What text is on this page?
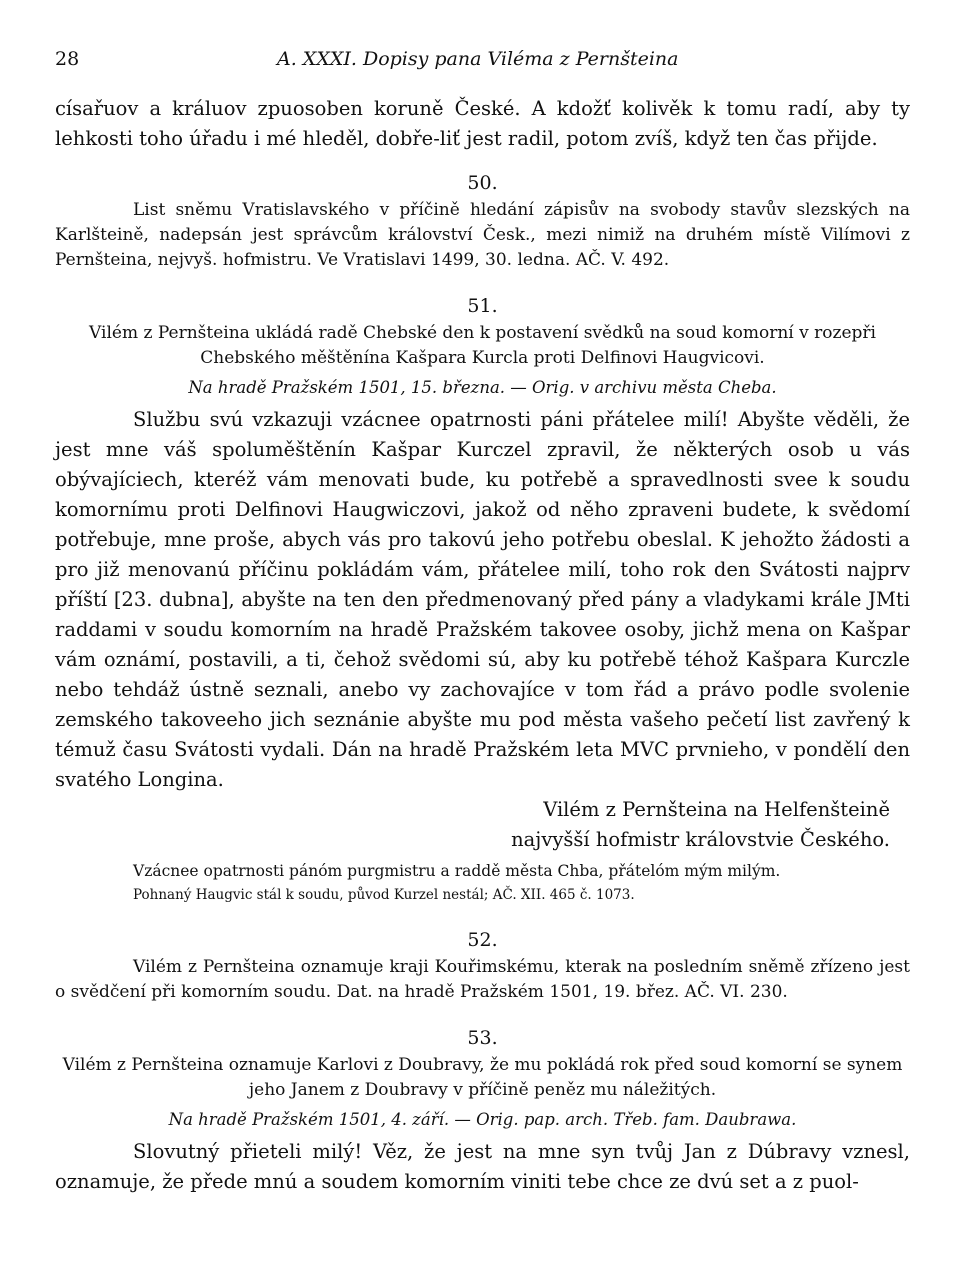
28	A. XXXI. Dopisy pana Viléma z Pernšteina

císařuov a králuov zpuosoben koruně České. A kdožť kolivěk k tomu radí, aby ty lehkosti toho úřadu i mé hleděl, dobře-liť jest radil, potom zvíš, když ten čas přijde.

50.

List sněmu Vratislavského v příčině hledání zápisův na svobody stavův slezských na Karlšteině, nadepsán jest správcům království Česk., mezi nimiž na druhém místě Vilímovi z Pernšteina, nejvyš. hofmistru. Ve Vratislavi 1499, 30. ledna. AČ. V. 492.

51.

Vilém z Pernšteina ukládá radě Chebské den k postavení svědků na soud komorní v rozepři Chebského měštěnína Kašpara Kurcla proti Delfinovi Haugvicovi.

Na hradě Pražském 1501, 15. března. — Orig. v archivu města Cheba.

Službu svú vzkazuji vzácnee opatrnosti páni přátelee milí! Abyšte věděli, že jest mne váš spoluměštěnín Kašpar Kurczel zpravil, že některých osob u vás obývajíciech, kteréž vám menovati bude, ku potřebě a spravedlnosti svee k soudu komornímu proti Delfinovi Haugwiczovi, jakož od něho zpraveni budete, k svědomí potřebuje, mne proše, abych vás pro takovú jeho potřebu obeslal. K jehožto žádosti a pro již menovanú příčinu pokládám vám, přátelee milí, toho rok den Svátosti najprv příští [23. dubna], abyšte na ten den předmenovaný před pány a vladykami krále JMti raddami v soudu komorním na hradě Pražském takovee osoby, jichž mena on Kašpar vám oznámí, postavili, a ti, čehož svědomi sú, aby ku potřebě téhož Kašpara Kurczle nebo tehdáž ústně seznali, anebo vy zachovajíce v tom řád a právo podle svolenie zemského takoveeho jich seznánie abyšte mu pod města vašeho pečetí list zavřený k témuž času Svátosti vydali. Dán na hradě Pražském leta MVC prvnieho, v pondělí den svatého Longina.

Vilém z Pernšteina na Helfenšteině

najvyšší hofmistr královstvie Českého.

Vzácnee opatrnosti pánóm purgmistru a raddě města Chba, přátelóm mým milým.

Pohnaný Haugvic stál k soudu, původ Kurzel nestál; AČ. XII. 465 č. 1073.

52.

Vilém z Pernšteina oznamuje kraji Kouřimskému, kterak na posledním sněmě zřízeno jest o svědčení při komorním soudu. Dat. na hradě Pražském 1501, 19. břez. AČ. VI. 230.

53.

Vilém z Pernšteina oznamuje Karlovi z Doubravy, že mu pokládá rok před soud komorní se synem jeho Janem z Doubravy v příčině peněz mu náležitých.

Na hradě Pražském 1501, 4. září. — Orig. pap. arch. Třeb. fam. Daubrawa.

Slovutný přieteli milý! Věz, že jest na mne syn tvůj Jan z Dúbravy vznesl, oznamuje, že přede mnú a soudem komorním viniti tebe chce ze dvú set a z puol-
